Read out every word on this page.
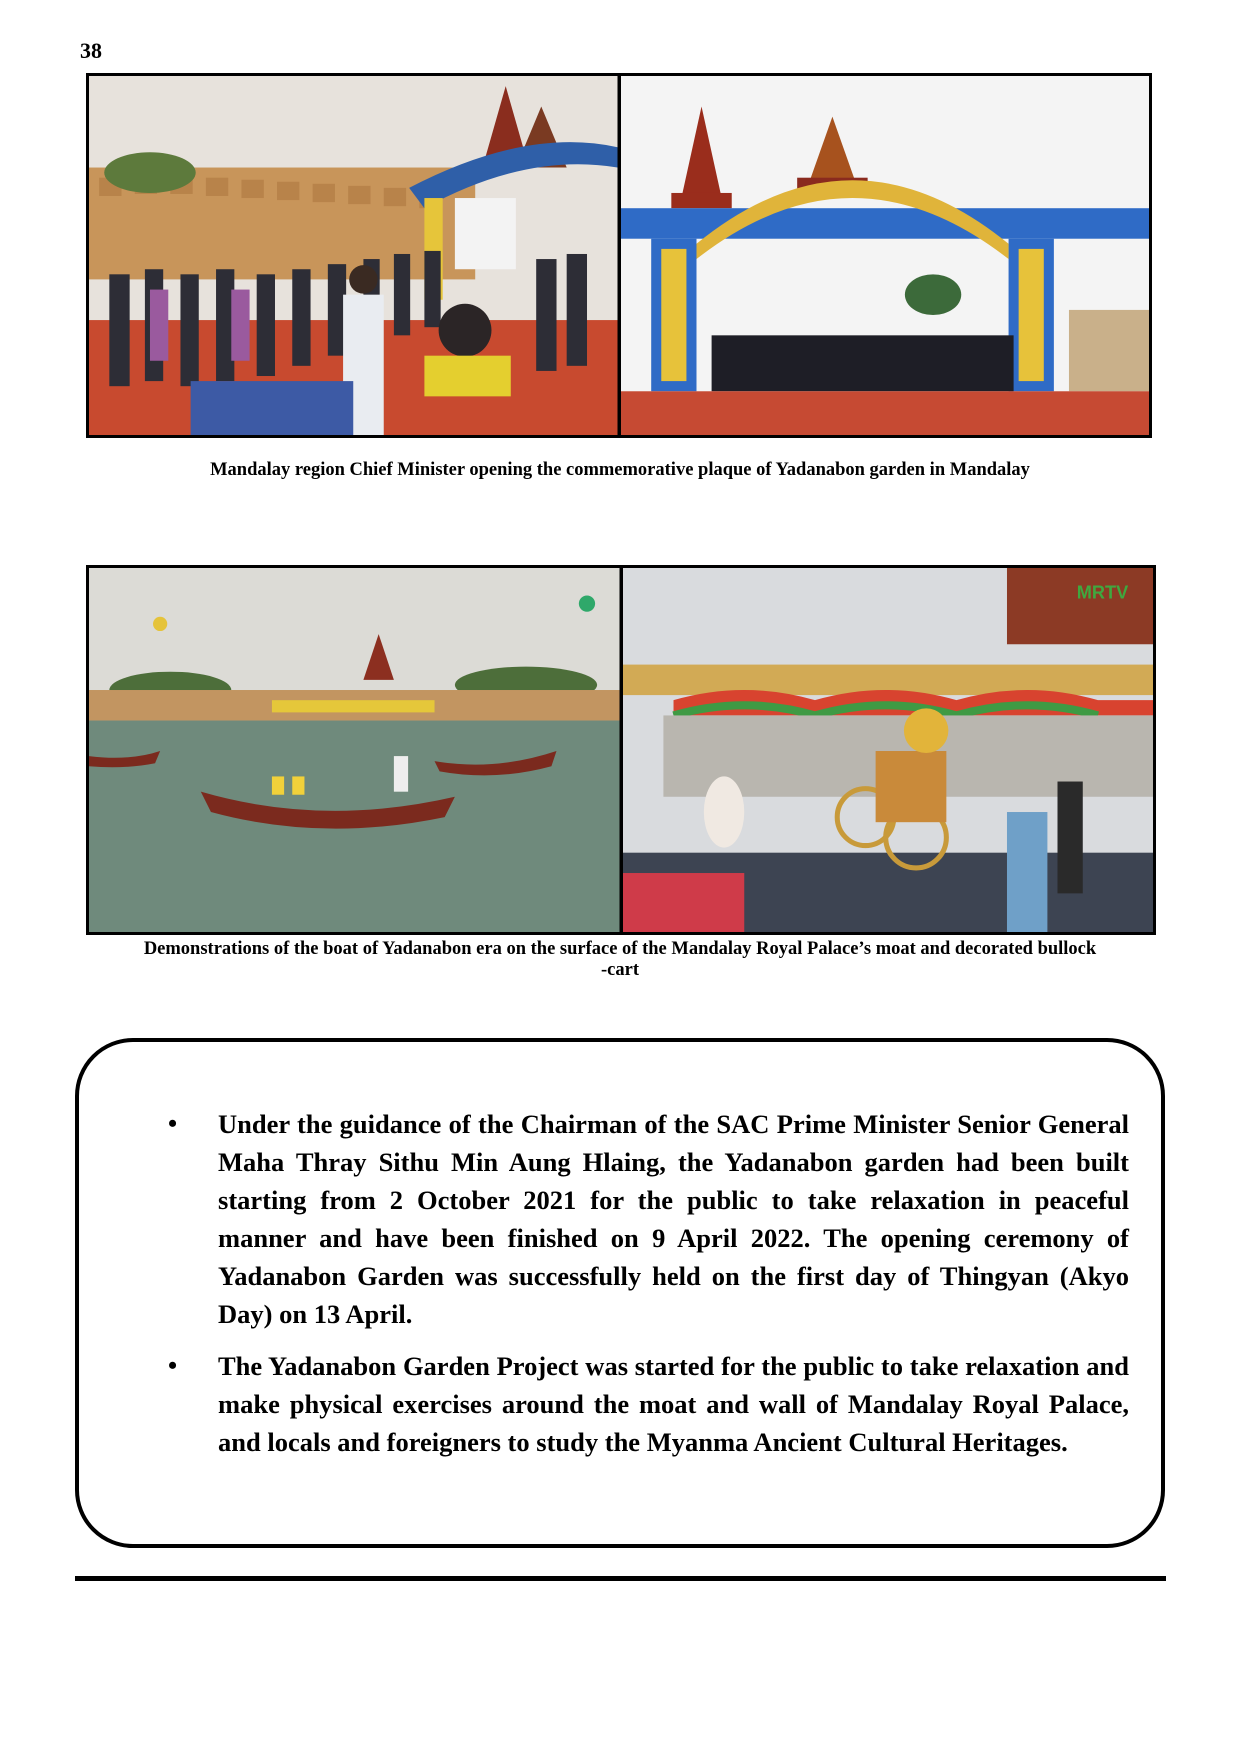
38
Mandalay region Chief Minister opening the commemorative plaque of Yadanabon garden in Mandalay
MRTV
Demonstrations of the boat of Yadanabon era on the surface of the Mandalay Royal Palace’s moat and decorated bullock
-cart
• Under the guidance of the Chairman of the SAC Prime Minister Senior General Maha Thray Sithu Min Aung Hlaing, the Yadanabon garden had been built starting from 2 October 2021 for the public to take relaxation in peaceful manner and have been finished on 9 April 2022. The opening ceremony of Yadanabon Garden was successfully held on the first day of Thingyan (Akyo Day) on 13 April.
• The Yadanabon Garden Project was started for the public to take relaxation and make physical exercises around the moat and wall of Mandalay Royal Palace, and locals and foreigners to study the Myanma Ancient Cultural Heritages.
